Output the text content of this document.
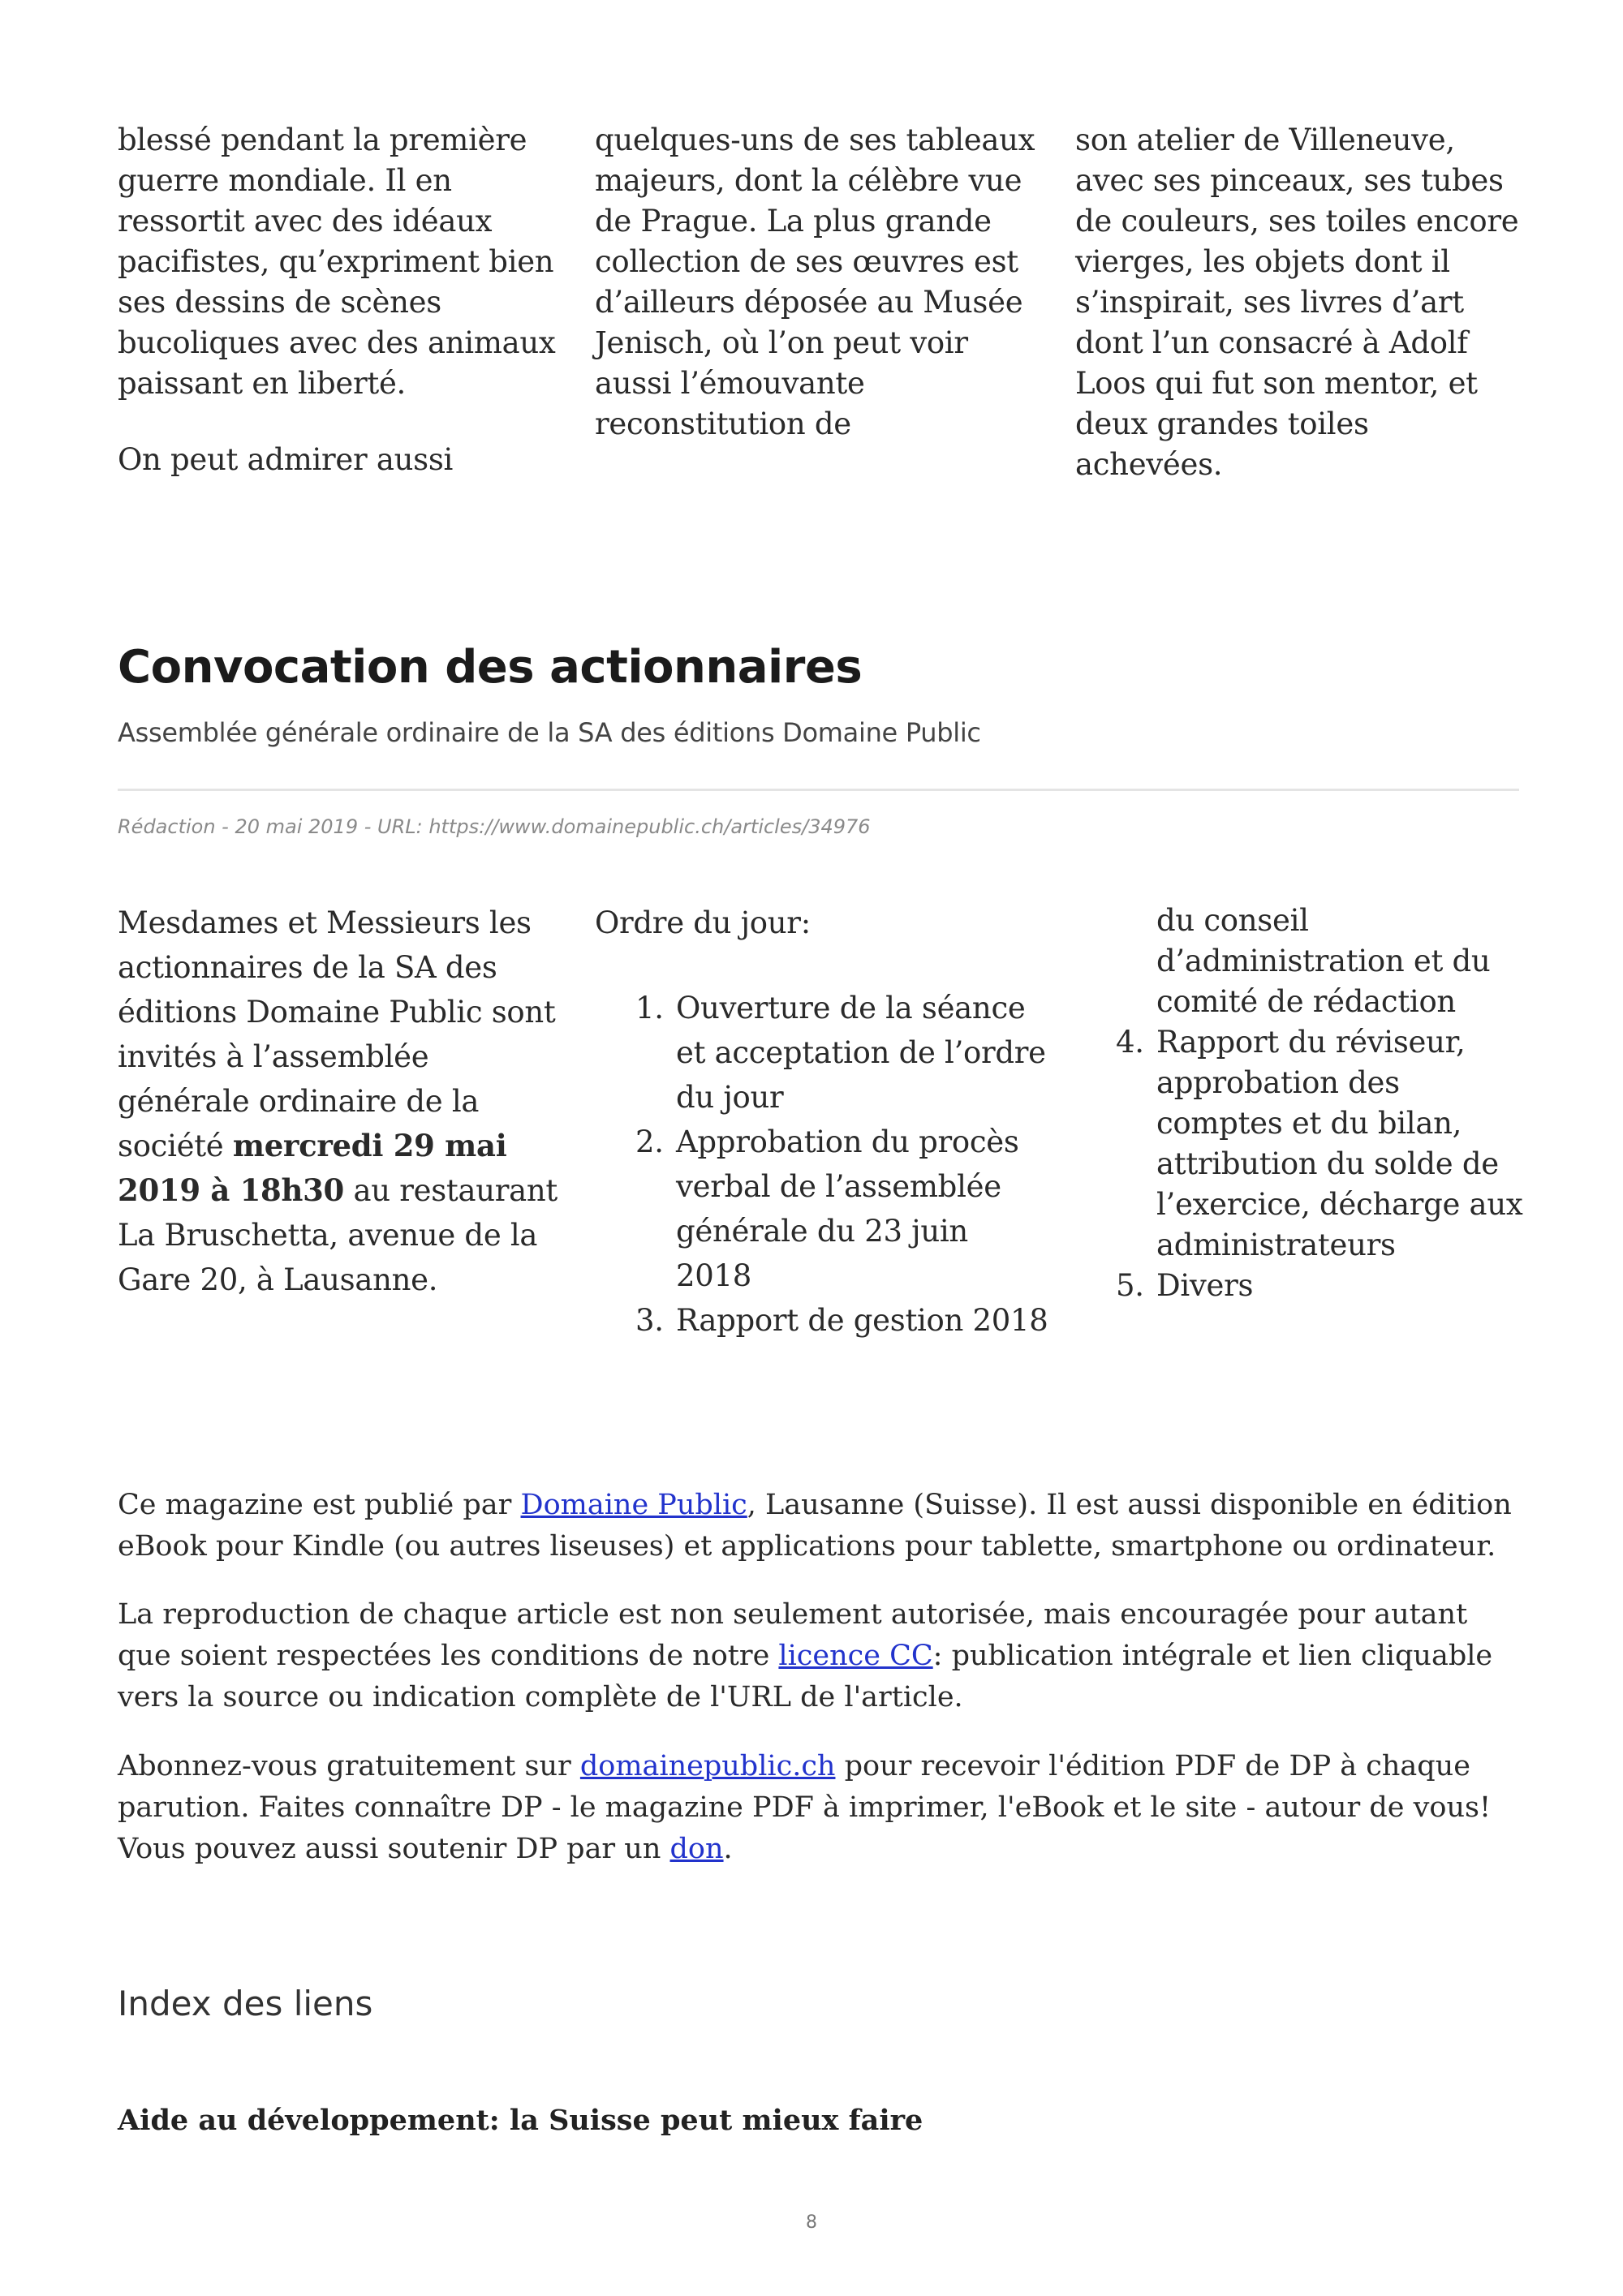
blessé pendant la première guerre mondiale. Il en ressortit avec des idéaux pacifistes, qu’expriment bien ses dessins de scènes bucoliques avec des animaux paissant en liberté.

On peut admirer aussi

quelques-uns de ses tableaux majeurs, dont la célèbre vue de Prague. La plus grande collection de ses œuvres est d’ailleurs déposée au Musée Jenisch, où l’on peut voir aussi l’émouvante reconstitution de

son atelier de Villeneuve, avec ses pinceaux, ses tubes de couleurs, ses toiles encore vierges, les objets dont il s’inspirait, ses livres d’art dont l’un consacré à Adolf Loos qui fut son mentor, et deux grandes toiles achevées.

Convocation des actionnaires
Assemblée générale ordinaire de la SA des éditions Domaine Public
Rédaction - 20 mai 2019 - URL: https://www.domainepublic.ch/articles/34976

Mesdames et Messieurs les actionnaires de la SA des éditions Domaine Public sont invités à l’assemblée générale ordinaire de la société mercredi 29 mai 2019 à 18h30 au restaurant La Bruschetta, avenue de la Gare 20, à Lausanne.

Ordre du jour:

1. Ouverture de la séance et acceptation de l’ordre du jour
2. Approbation du procès verbal de l’assemblée générale du 23 juin 2018
3. Rapport de gestion 2018
du conseil d’administration et du comité de rédaction
4. Rapport du réviseur, approbation des comptes et du bilan, attribution du solde de l’exercice, décharge aux administrateurs
5. Divers

Ce magazine est publié par Domaine Public, Lausanne (Suisse). Il est aussi disponible en édition eBook pour Kindle (ou autres liseuses) et applications pour tablette, smartphone ou ordinateur.

La reproduction de chaque article est non seulement autorisée, mais encouragée pour autant que soient respectées les conditions de notre licence CC: publication intégrale et lien cliquable vers la source ou indication complète de l'URL de l'article.

Abonnez-vous gratuitement sur domainepublic.ch pour recevoir l'édition PDF de DP à chaque parution. Faites connaître DP - le magazine PDF à imprimer, l'eBook et le site - autour de vous! Vous pouvez aussi soutenir DP par un don.

Index des liens
Aide au développement: la Suisse peut mieux faire
8
